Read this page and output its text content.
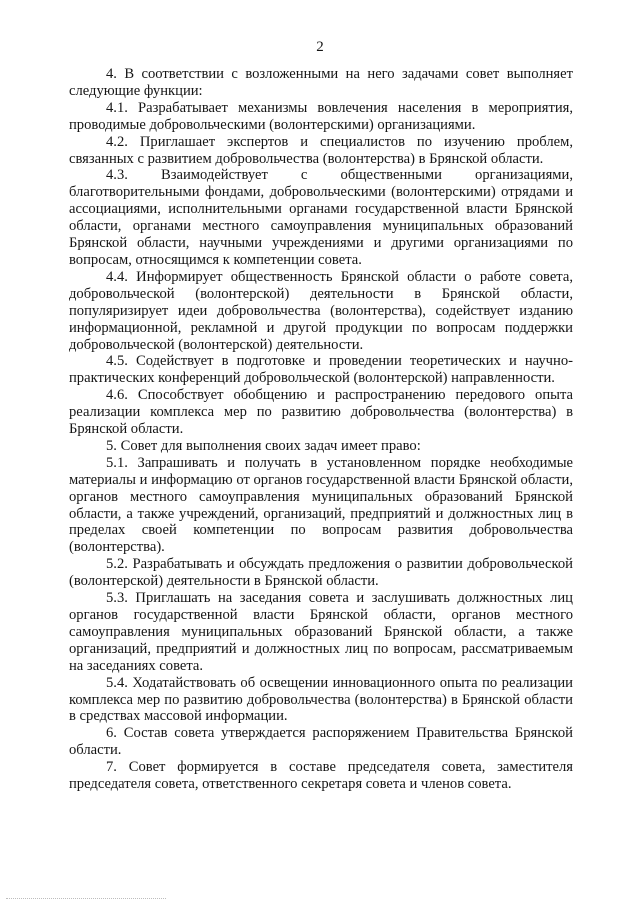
2

4. В соответствии с возложенными на него задачами совет выполняет следующие функции:

4.1. Разрабатывает механизмы вовлечения населения в мероприятия, проводимые добровольческими (волонтерскими) организациями.

4.2. Приглашает экспертов и специалистов по изучению проблем, связанных с развитием добровольчества (волонтерства) в Брянской области.

4.3. Взаимодействует с общественными организациями, благотворительными фондами, добровольческими (волонтерскими) отрядами и ассоциациями, исполнительными органами государственной власти Брянской области, органами местного самоуправления муниципальных образований Брянской области, научными учреждениями и другими организациями по вопросам, относящимся к компетенции совета.

4.4. Информирует общественность Брянской области о работе совета, добровольческой (волонтерской) деятельности в Брянской области, популяризирует идеи добровольчества (волонтерства), содействует изданию информационной, рекламной и другой продукции по вопросам поддержки добровольческой (волонтерской) деятельности.

4.5. Содействует в подготовке и проведении теоретических и научно-практических конференций добровольческой (волонтерской) направленности.

4.6. Способствует обобщению и распространению передового опыта реализации комплекса мер по развитию добровольчества (волонтерства) в Брянской области.

5. Совет для выполнения своих задач имеет право:

5.1. Запрашивать и получать в установленном порядке необходимые материалы и информацию от органов государственной власти Брянской области, органов местного самоуправления муниципальных образований Брянской области, а также учреждений, организаций, предприятий и должностных лиц в пределах своей компетенции по вопросам развития добровольчества (волонтерства).

5.2. Разрабатывать и обсуждать предложения о развитии добровольческой (волонтерской) деятельности в Брянской области.

5.3. Приглашать на заседания совета и заслушивать должностных лиц органов государственной власти Брянской области, органов местного самоуправления муниципальных образований Брянской области, а также организаций, предприятий и должностных лиц по вопросам, рассматриваемым на заседаниях совета.

5.4. Ходатайствовать об освещении инновационного опыта по реализации комплекса мер по развитию добровольчества (волонтерства) в Брянской области в средствах массовой информации.

6. Состав совета утверждается распоряжением Правительства Брянской области.

7. Совет формируется в составе председателя совета, заместителя председателя совета, ответственного секретаря совета и членов совета.
